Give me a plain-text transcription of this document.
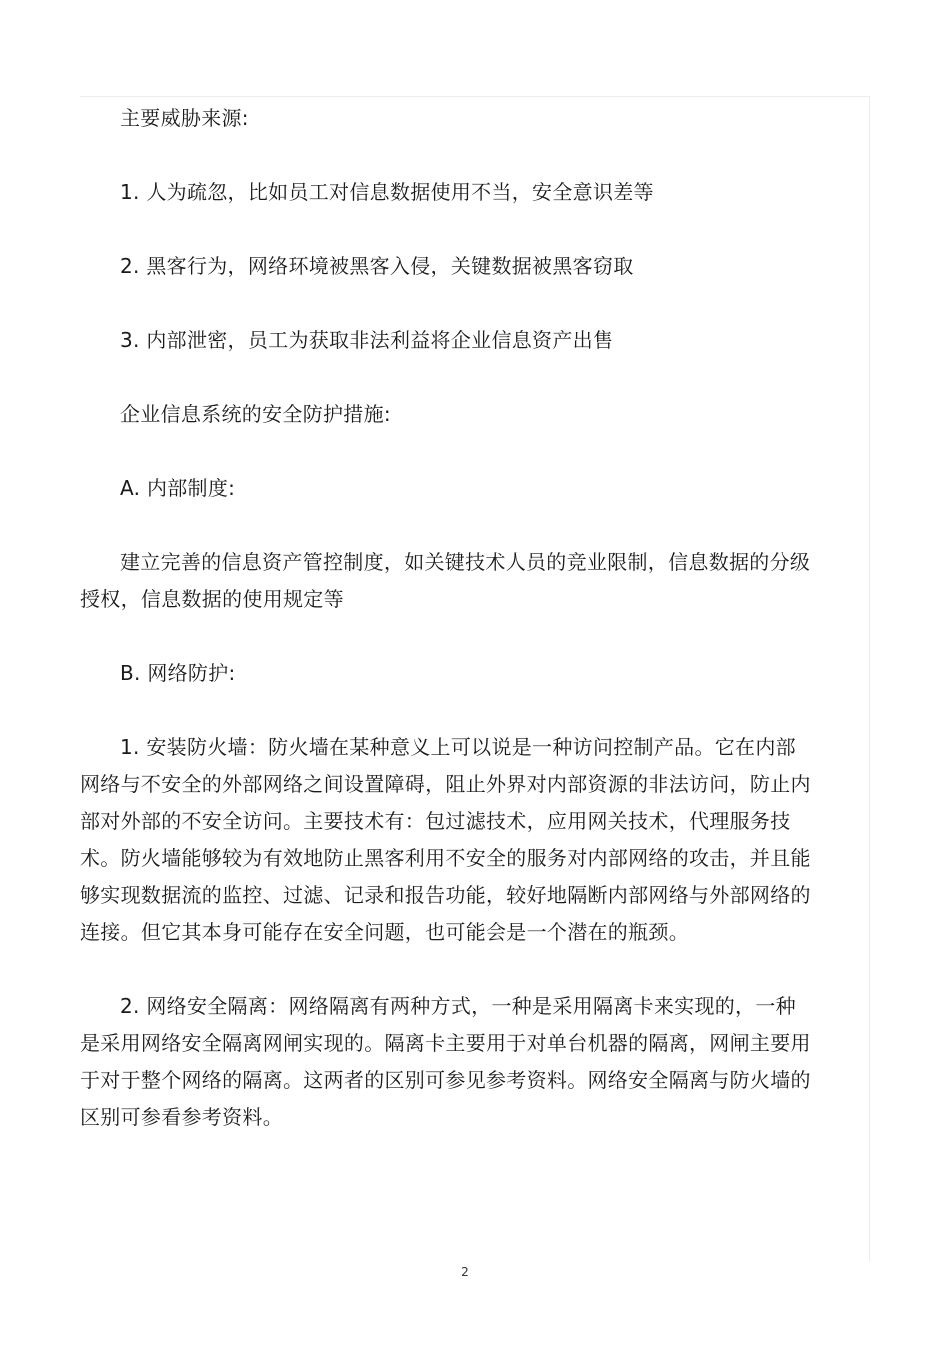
主要威胁来源:

1. 人为疏忽，比如员工对信息数据使用不当，安全意识差等

2. 黑客行为，网络环境被黑客入侵，关键数据被黑客窃取

3. 内部泄密，员工为获取非法利益将企业信息资产出售

企业信息系统的安全防护措施:

A. 内部制度:

建立完善的信息资产管控制度，如关键技术人员的竞业限制，信息数据的分级授权，信息数据的使用规定等

B. 网络防护:

1. 安装防火墙：防火墙在某种意义上可以说是一种访问控制产品。它在内部网络与不安全的外部网络之间设置障碍，阻止外界对内部资源的非法访问，防止内部对外部的不安全访问。主要技术有：包过滤技术，应用网关技术，代理服务技术。防火墙能够较为有效地防止黑客利用不安全的服务对内部网络的攻击，并且能够实现数据流的监控、过滤、记录和报告功能，较好地隔断内部网络与外部网络的连接。但它其本身可能存在安全问题，也可能会是一个潜在的瓶颈。

2. 网络安全隔离：网络隔离有两种方式，一种是采用隔离卡来实现的，一种是采用网络安全隔离网闸实现的。隔离卡主要用于对单台机器的隔离，网闸主要用于对于整个网络的隔离。这两者的区别可参见参考资料。网络安全隔离与防火墙的区别可参看参考资料。

2
